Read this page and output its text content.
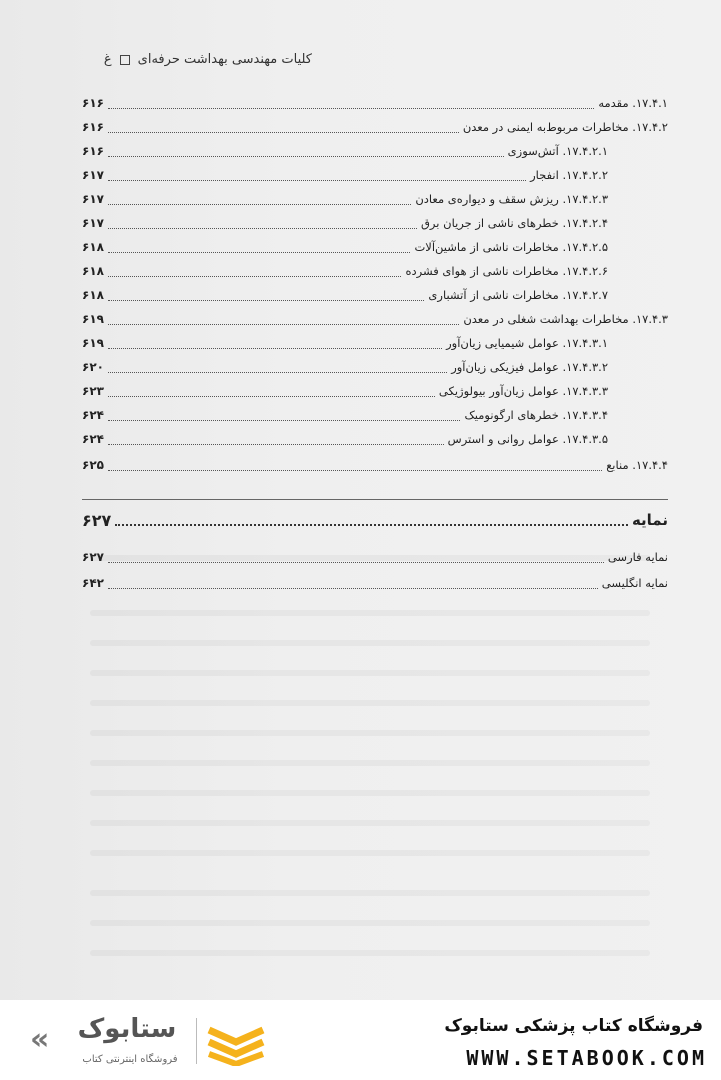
کلیات مهندسی بهداشت حرفه‌ای
غ
۱۷.۴.۱. مقدمه
۶۱۶
۱۷.۴.۲. مخاطرات مربوط‌به ایمنی در معدن
۶۱۶
۱۷.۴.۲.۱. آتش‌سوزی
۶۱۶
۱۷.۴.۲.۲. انفجار
۶۱۷
۱۷.۴.۲.۳. ریزش سقف و دیواره‌ی معادن
۶۱۷
۱۷.۴.۲.۴. خطرهای ناشی از جریان برق
۶۱۷
۱۷.۴.۲.۵. مخاطرات ناشی از ماشین‌آلات
۶۱۸
۱۷.۴.۲.۶. مخاطرات ناشی از هوای فشرده
۶۱۸
۱۷.۴.۲.۷. مخاطرات ناشی از آتشباری
۶۱۸
۱۷.۴.۳. مخاطرات بهداشت شغلی در معدن
۶۱۹
۱۷.۴.۳.۱. عوامل شیمیایی زیان‌آور
۶۱۹
۱۷.۴.۳.۲. عوامل فیزیکی زیان‌آور
۶۲۰
۱۷.۴.۳.۳. عوامل زیان‌آور بیولوژیکی
۶۲۳
۱۷.۴.۳.۴. خطرهای ارگونومیک
۶۲۴
۱۷.۴.۳.۵. عوامل روانی و استرس
۶۲۴
۱۷.۴.۴. منابع
۶۲۵
نمایه
۶۲۷
نمایه فارسی
۶۲۷
نمایه انگلیسی
۶۴۲
«	ستابوک
فروشگاه اینترنتی کتاب
فروشگاه کتاب پزشکی ستابوک
WWW.SETABOOK.COM
